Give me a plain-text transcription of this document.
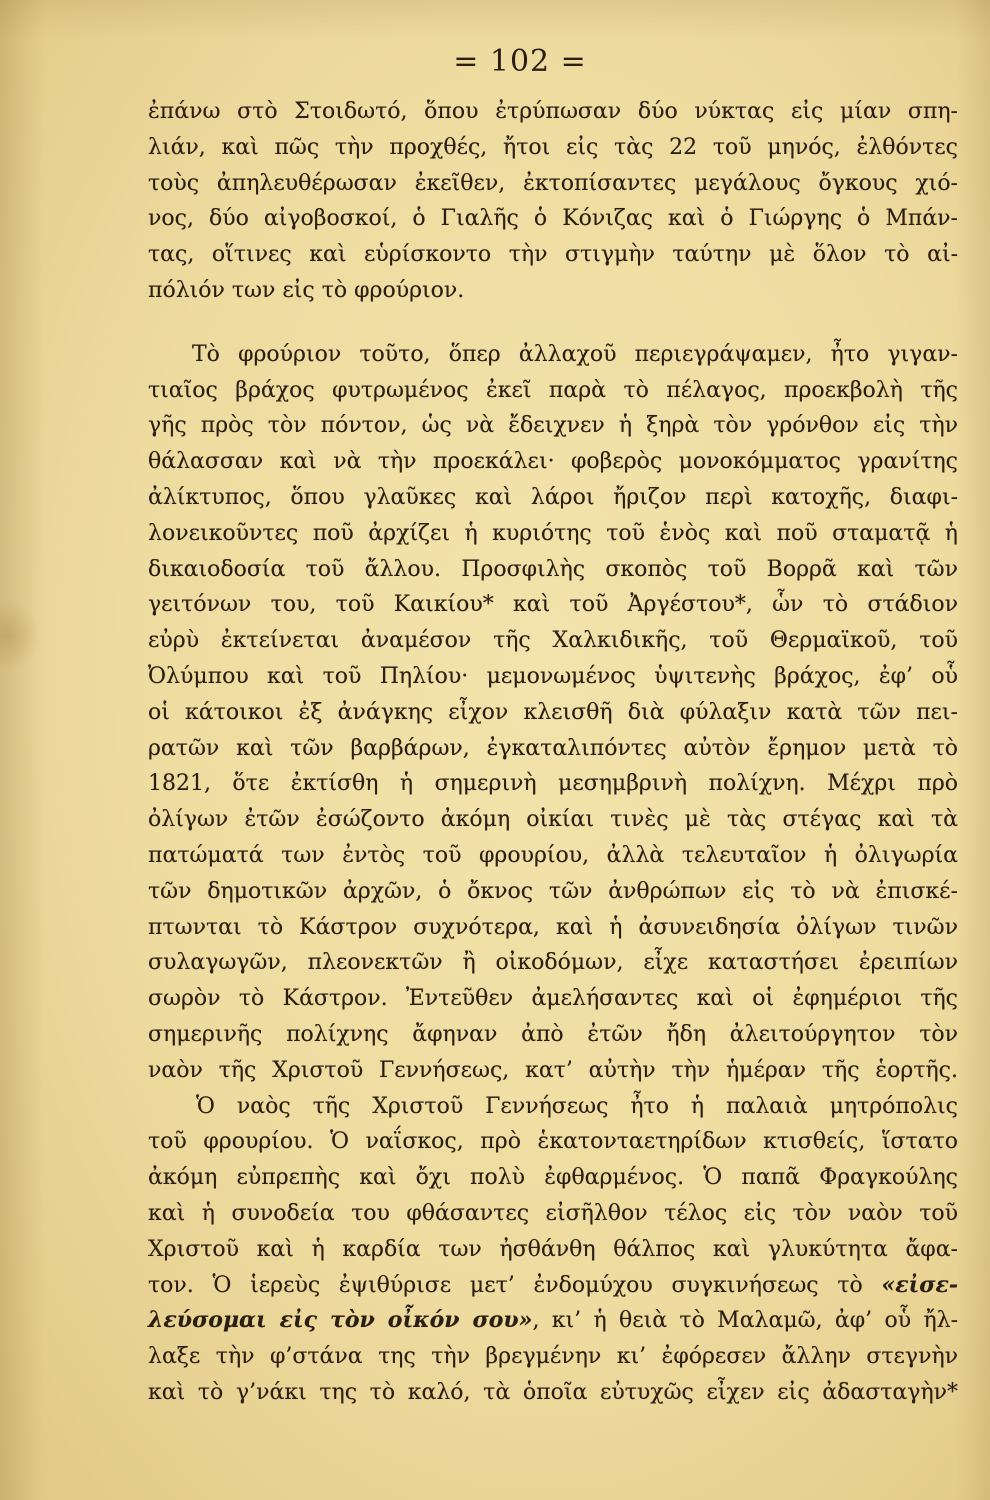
= 102 =
ἐπάνω στὸ Στοιδωτό, ὅπου ἐτρύπωσαν δύο νύκτας εἰς μίαν σπη-
λιάν, καὶ πῶς τὴν προχθές, ἤτοι εἰς τὰς 22 τοῦ μηνός, ἐλθόντες
τοὺς ἀπηλευθέρωσαν ἐκεῖθεν, ἐκτοπίσαντες μεγάλους ὄγκους χιό-
νος, δύο αἰγοβοσκοί, ὁ Γιαλῆς ὁ Κόνιζας καὶ ὁ Γιώργης ὁ Μπάν-
τας, οἵτινες καὶ εὑρίσκοντο τὴν στιγμὴν ταύτην μὲ ὅλον τὸ αἰ-
πόλιόν των εἰς τὸ φρούριον.
Τὸ φρούριον τοῦτο, ὅπερ ἀλλαχοῦ περιεγράψαμεν, ἦτο γιγαν-
τιαῖος βράχος φυτρωμένος ἐκεῖ παρὰ τὸ πέλαγος, προεκβολὴ τῆς
γῆς πρὸς τὸν πόντον, ὡς νὰ ἔδειχνεν ἡ ξηρὰ τὸν γρόνθον εἰς τὴν
θάλασσαν καὶ νὰ τὴν προεκάλει· φοβερὸς μονοκόμματος γρανίτης
ἀλίκτυπος, ὅπου γλαῦκες καὶ λάροι ἤριζον περὶ κατοχῆς, διαφι-
λονεικοῦντες ποῦ ἀρχίζει ἡ κυριότης τοῦ ἑνὸς καὶ ποῦ σταματᾷ ἡ
δικαιοδοσία τοῦ ἄλλου. Προσφιλὴς σκοπὸς τοῦ Βορρᾶ καὶ τῶν
γειτόνων του, τοῦ Καικίου* καὶ τοῦ Ἀργέστου*, ὧν τὸ στάδιον
εὐρὺ ἐκτείνεται ἀναμέσον τῆς Χαλκιδικῆς, τοῦ Θερμαϊκοῦ, τοῦ
Ὀλύμπου καὶ τοῦ Πηλίου· μεμονωμένος ὑψιτενὴς βράχος, ἐφ’ οὗ
οἱ κάτοικοι ἐξ ἀνάγκης εἶχον κλεισθῆ διὰ φύλαξιν κατὰ τῶν πει-
ρατῶν καὶ τῶν βαρβάρων, ἐγκαταλιπόντες αὐτὸν ἔρημον μετὰ τὸ
1821, ὅτε ἐκτίσθη ἡ σημερινὴ μεσημβρινὴ πολίχνη. Μέχρι πρὸ
ὀλίγων ἐτῶν ἐσώζοντο ἀκόμη οἰκίαι τινὲς μὲ τὰς στέγας καὶ τὰ
πατώματά των ἐντὸς τοῦ φρουρίου, ἀλλὰ τελευταῖον ἡ ὀλιγωρία
τῶν δημοτικῶν ἀρχῶν, ὁ ὄκνος τῶν ἀνθρώπων εἰς τὸ νὰ ἐπισκέ-
πτωνται τὸ Κάστρον συχνότερα, καὶ ἡ ἀσυνειδησία ὀλίγων τινῶν
συλαγωγῶν, πλεονεκτῶν ἢ οἰκοδόμων, εἶχε καταστήσει ἐρειπίων
σωρὸν τὸ Κάστρον. Ἐντεῦθεν ἀμελήσαντες καὶ οἱ ἐφημέριοι τῆς
σημερινῆς πολίχνης ἄφηναν ἀπὸ ἐτῶν ἤδη ἀλειτούργητον τὸν
ναὸν τῆς Χριστοῦ Γεννήσεως, κατ’ αὐτὴν τὴν ἡμέραν τῆς ἑορτῆς.
Ὁ ναὸς τῆς Χριστοῦ Γεννήσεως ἦτο ἡ παλαιὰ μητρόπολις
τοῦ φρουρίου. Ὁ ναΐσκος, πρὸ ἑκατονταετηρίδων κτισθείς, ἵστατο
ἀκόμη εὐπρεπὴς καὶ ὄχι πολὺ ἐφθαρμένος. Ὁ παπᾶ Φραγκούλης
καὶ ἡ συνοδεία του φθάσαντες εἰσῆλθον τέλος εἰς τὸν ναὸν τοῦ
Χριστοῦ καὶ ἡ καρδία των ἠσθάνθη θάλπος καὶ γλυκύτητα ἄφα-
τον. Ὁ ἱερεὺς ἐψιθύρισε μετ’ ἐνδομύχου συγκινήσεως τὸ «εἰσε-
λεύσομαι εἰς τὸν οἶκόν σου», κι’ ἡ θειὰ τὸ Μαλαμῶ, ἀφ’ οὗ ἤλ-
λαξε τὴν φ’στάνα της τὴν βρεγμένην κι’ ἐφόρεσεν ἄλλην στεγνὴν
καὶ τὸ γ’νάκι της τὸ καλό, τὰ ὁποῖα εὐτυχῶς εἶχεν εἰς ἀδασταγὴν*
